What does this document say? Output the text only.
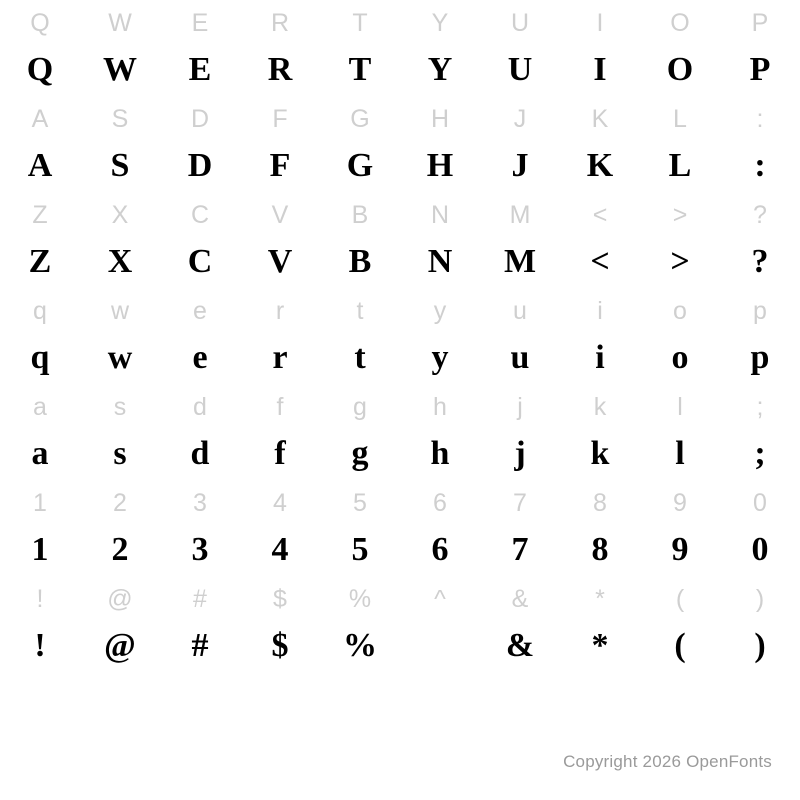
Q
Q
W
W
E
E
R
R
T
T
Y
Y
U
U
I
I
O
O
P
P
A
A
S
S
D
D
F
F
G
G
H
H
J
J
K
K
L
L
:
:
Z
Z
X
X
C
C
V
V
B
B
N
N
M
M
<
<
>
>
?
?
q
q
w
w
e
e
r
r
t
t
y
y
u
u
i
i
o
o
p
p
a
a
s
s
d
d
f
f
g
g
h
h
j
j
k
k
l
l
;
;
1
1
2
2
3
3
4
4
5
5
6
6
7
7
8
8
9
9
0
0
!
!
@
@
#
#
$
$
%
%
^	&
&
*
*
(
(
)
)
Copyright 2026 OpenFonts
